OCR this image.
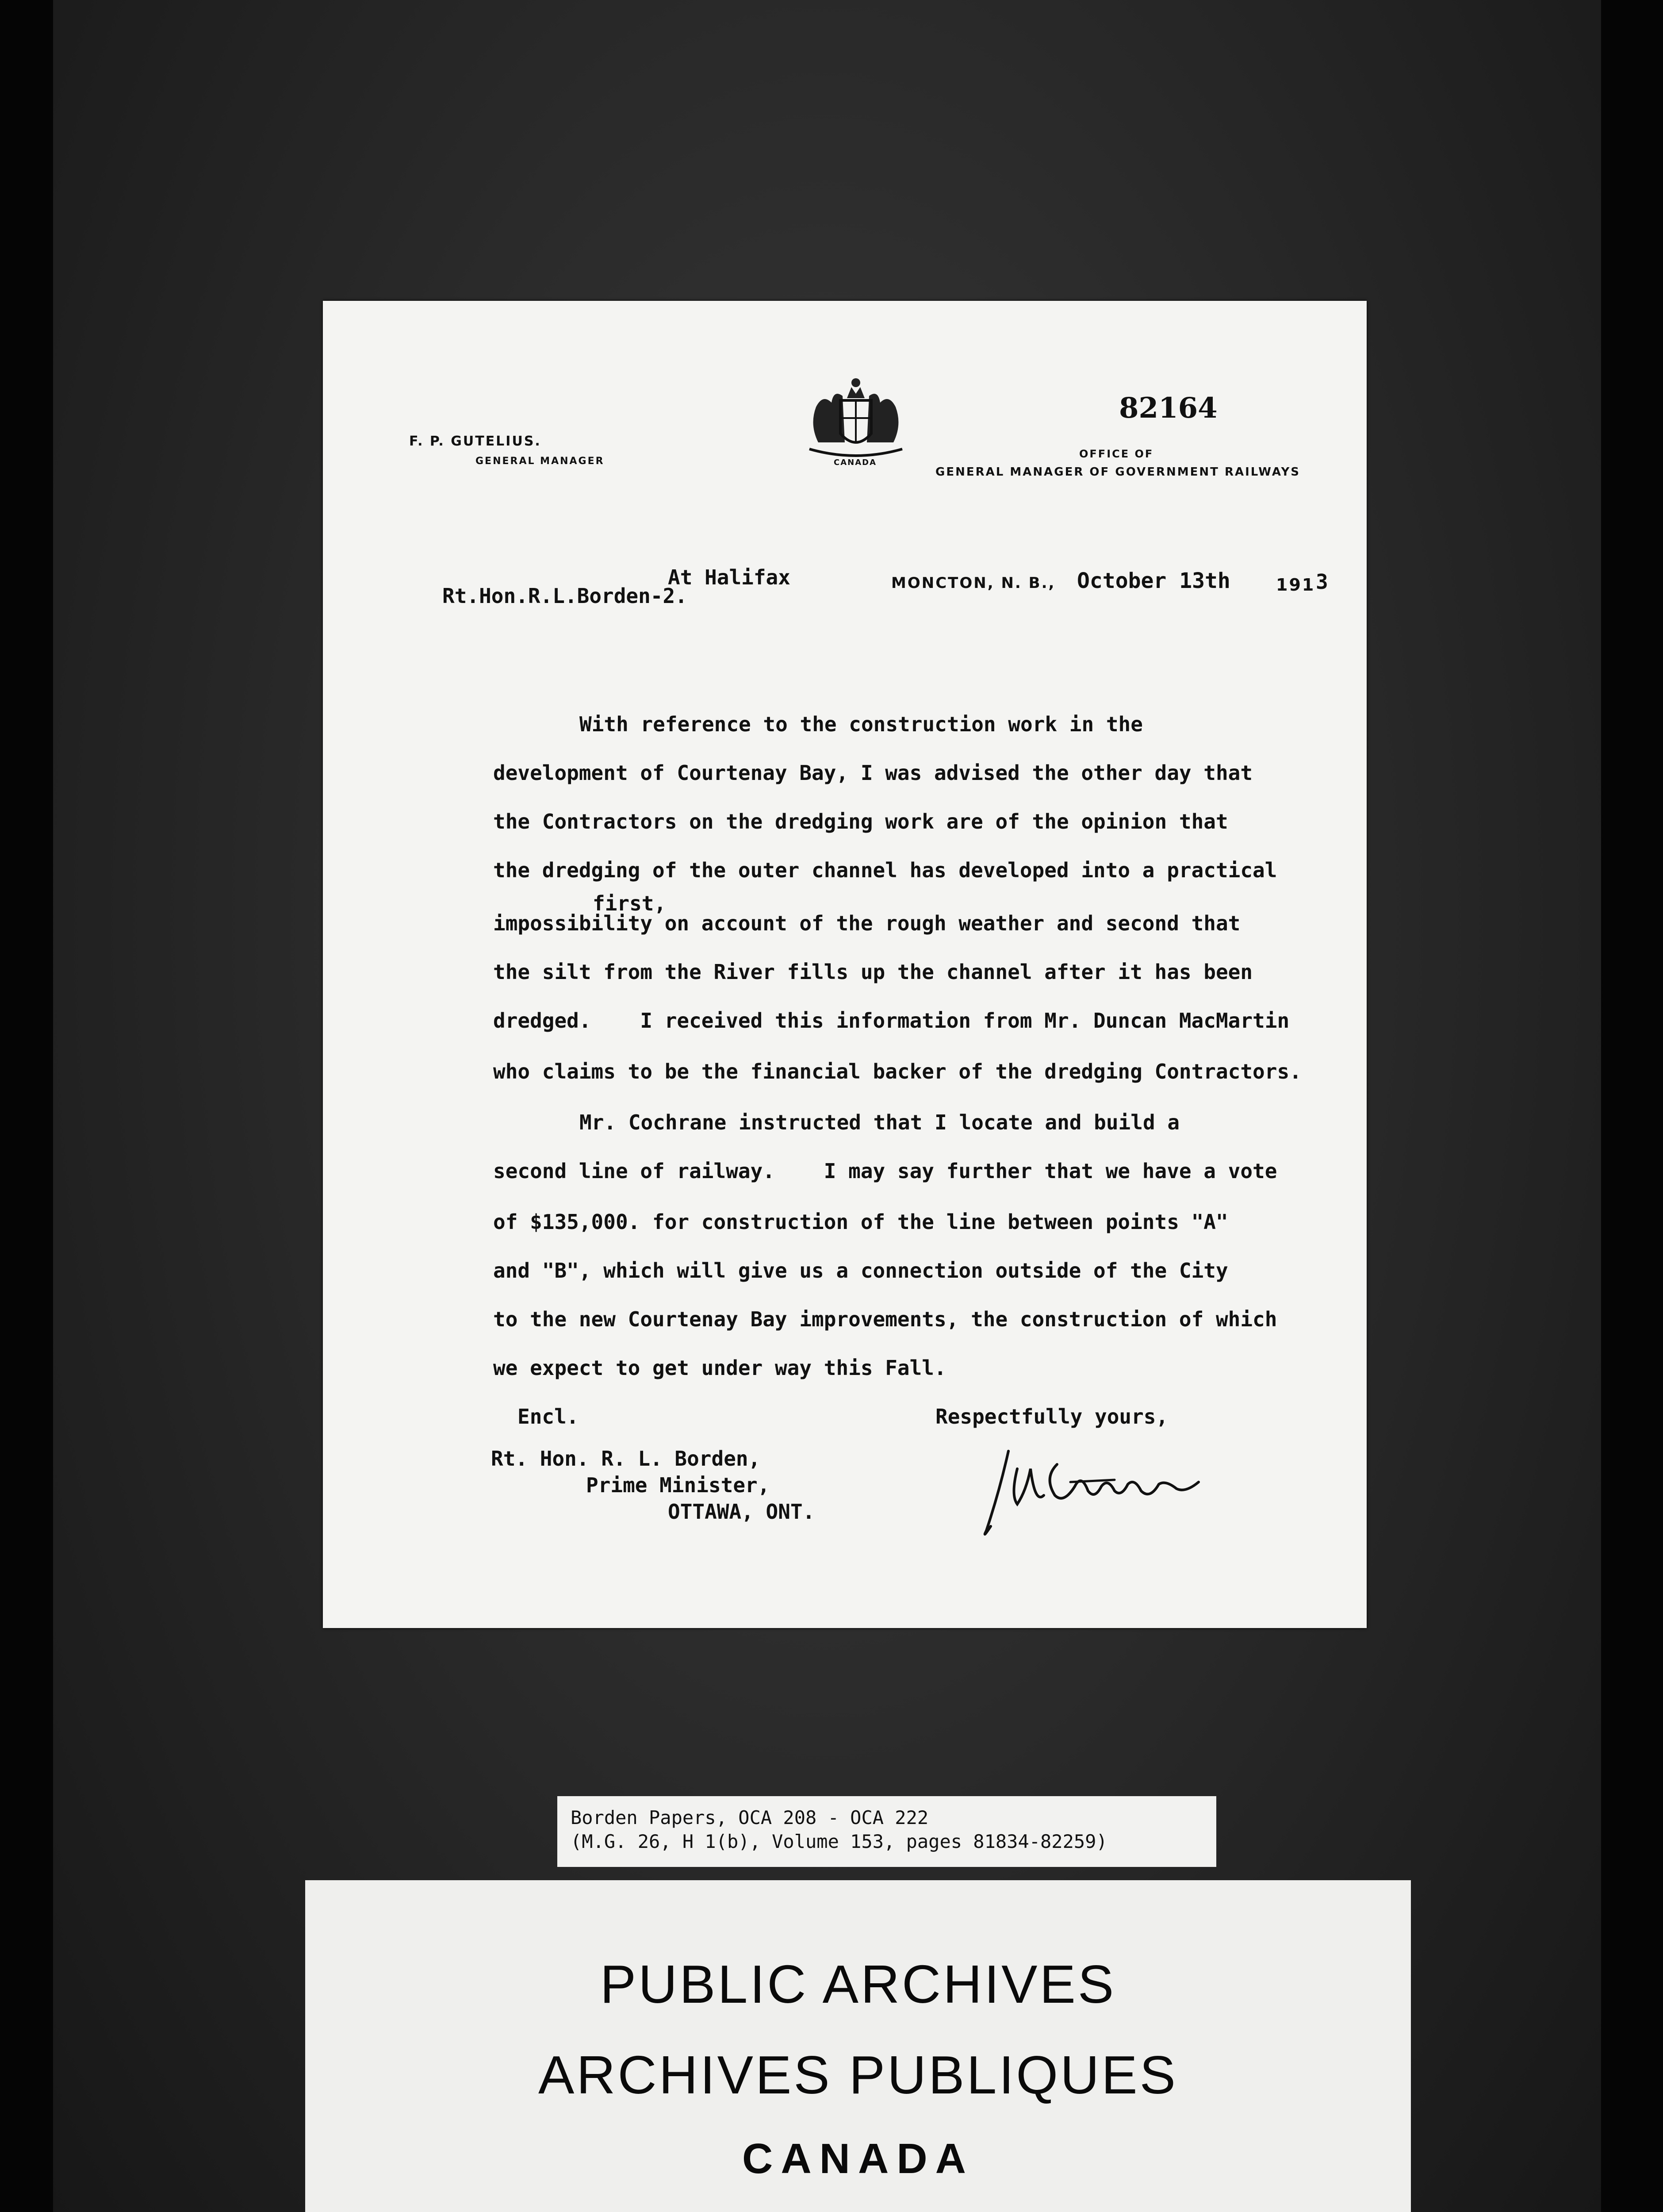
F. P. GUTELIUS.
GENERAL MANAGER	CANADA
82164
OFFICE OF
GENERAL MANAGER OF GOVERNMENT RAILWAYS
Rt.Hon.R.L.Borden-2.
At Halifax	MONCTON, N. B., October 13th	191 3
With reference to the construction work in the
development of Courtenay Bay, I was advised the other day that
the Contractors on the dredging work are of the opinion that
the dredging of the outer channel has developed into a practical
first,
impossibility on account of the rough weather and second that
the silt from the River fills up the channel after it has been
dredged.    I received this information from Mr. Duncan MacMartin
who claims to be the financial backer of the dredging Contractors.
Mr. Cochrane instructed that I locate and build a
second line of railway.    I may say further that we have a vote
of $135,000. for construction of the line between points "A"
and "B", which will give us a connection outside of the City
to the new Courtenay Bay improvements, the construction of which
we expect to get under way this Fall.
Encl.	Respectfully yours,
Rt. Hon. R. L. Borden,
Prime Minister,
OTTAWA, ONT.
Borden Papers, OCA 208 - OCA 222
(M.G. 26, H 1(b), Volume 153, pages 81834-82259)
PUBLIC ARCHIVES
ARCHIVES PUBLIQUES
CANADA
